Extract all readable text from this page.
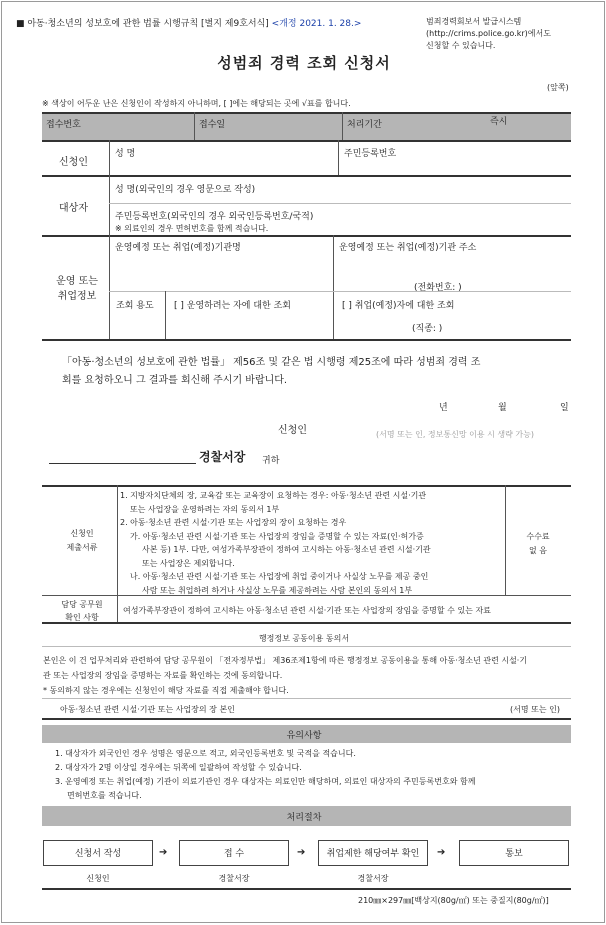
■ 아동·청소년의 성보호에 관한 법률 시행규칙 [별지 제9호서식] <개정 2021. 1. 28.>	범죄경력회보서 발급시스템
(http://crims.police.go.kr)에서도
신청할 수 있습니다.
성범죄 경력 조회 신청서
(앞쪽)
※ 색상이 어두운 난은 신청인이 작성하지 아니하며, [ ]에는 해당되는 곳에 √표를 합니다.
접수번호	접수일	처리기간	즉시
신청인
성 명	주민등록번호
대상자
성 명(외국인의 경우 영문으로 작성)
주민등록번호(외국인의 경우 외국인등록번호/국적)
※ 의료인의 경우 면허번호를 함께 적습니다.
운영 또는
취업정보
운영예정 또는 취업(예정)기관명	운영예정 또는 취업(예정)기관 주소
(전화번호: )
조회 용도 [ ] 운영하려는 자에 대한 조회	[ ] 취업(예정)자에 대한 조회
(직종: )
「아동·청소년의 성보호에 관한 법률」 제56조 및 같은 법 시행령 제25조에 따라 성범죄 경력 조
회를 요청하오니 그 결과를 회신해 주시기 바랍니다.
년	월	일
신청인	(서명 또는 인, 정보통신망 이용 시 생략 가능)
경찰서장 귀하
신청인
제출서류
1. 지방자치단체의 장, 교육감 또는 교육장이 요청하는 경우: 아동·청소년 관련 시설·기관
또는 사업장을 운영하려는 자의 동의서 1부
2. 아동·청소년 관련 시설·기관 또는 사업장의 장이 요청하는 경우
가. 아동·청소년 관련 시설·기관 또는 사업장의 장임을 증명할 수 있는 자료(인·허가증
사본 등) 1부. 다만, 여성가족부장관이 정하여 고시하는 아동·청소년 관련 시설·기관
또는 사업장은 제외합니다.
나. 아동·청소년 관련 시설·기관 또는 사업장에 취업 중이거나 사실상 노무를 제공 중인
사람 또는 취업하려 하거나 사실상 노무를 제공하려는 사람 본인의 동의서 1부
수수료
없 음
담당 공무원
확인 사항
여성가족부장관이 정하여 고시하는 아동·청소년 관련 시설·기관 또는 사업장의 장임을 증명할 수 있는 자료
행정정보 공동이용 동의서
본인은 이 건 업무처리와 관련하여 담당 공무원이 「전자정부법」 제36조제1항에 따른 행정정보 공동이용을 통해 아동·청소년 관련 시설·기
관 또는 사업장의 장임을 증명하는 자료를 확인하는 것에 동의합니다.
* 동의하지 않는 경우에는 신청인이 해당 자료를 직접 제출해야 합니다.
아동·청소년 관련 시설·기관 또는 사업장의 장 본인	(서명 또는 인)
유의사항
1. 대상자가 외국인인 경우 성명은 영문으로 적고, 외국인등록번호 및 국적을 적습니다.
2. 대상자가 2명 이상일 경우에는 뒤쪽에 일괄하여 작성할 수 있습니다.
3. 운영예정 또는 취업(예정) 기관이 의료기관인 경우 대상자는 의료인만 해당하며, 의료인 대상자의 주민등록번호와 함께
면허번호를 적습니다.
처리절차
신청서 작성	➔	접 수	➔	취업제한 해당여부 확인	➔	통보
신청인	경찰서장	경찰서장
210㎜×297㎜[백상지(80g/㎡) 또는 중질지(80g/㎡)]
